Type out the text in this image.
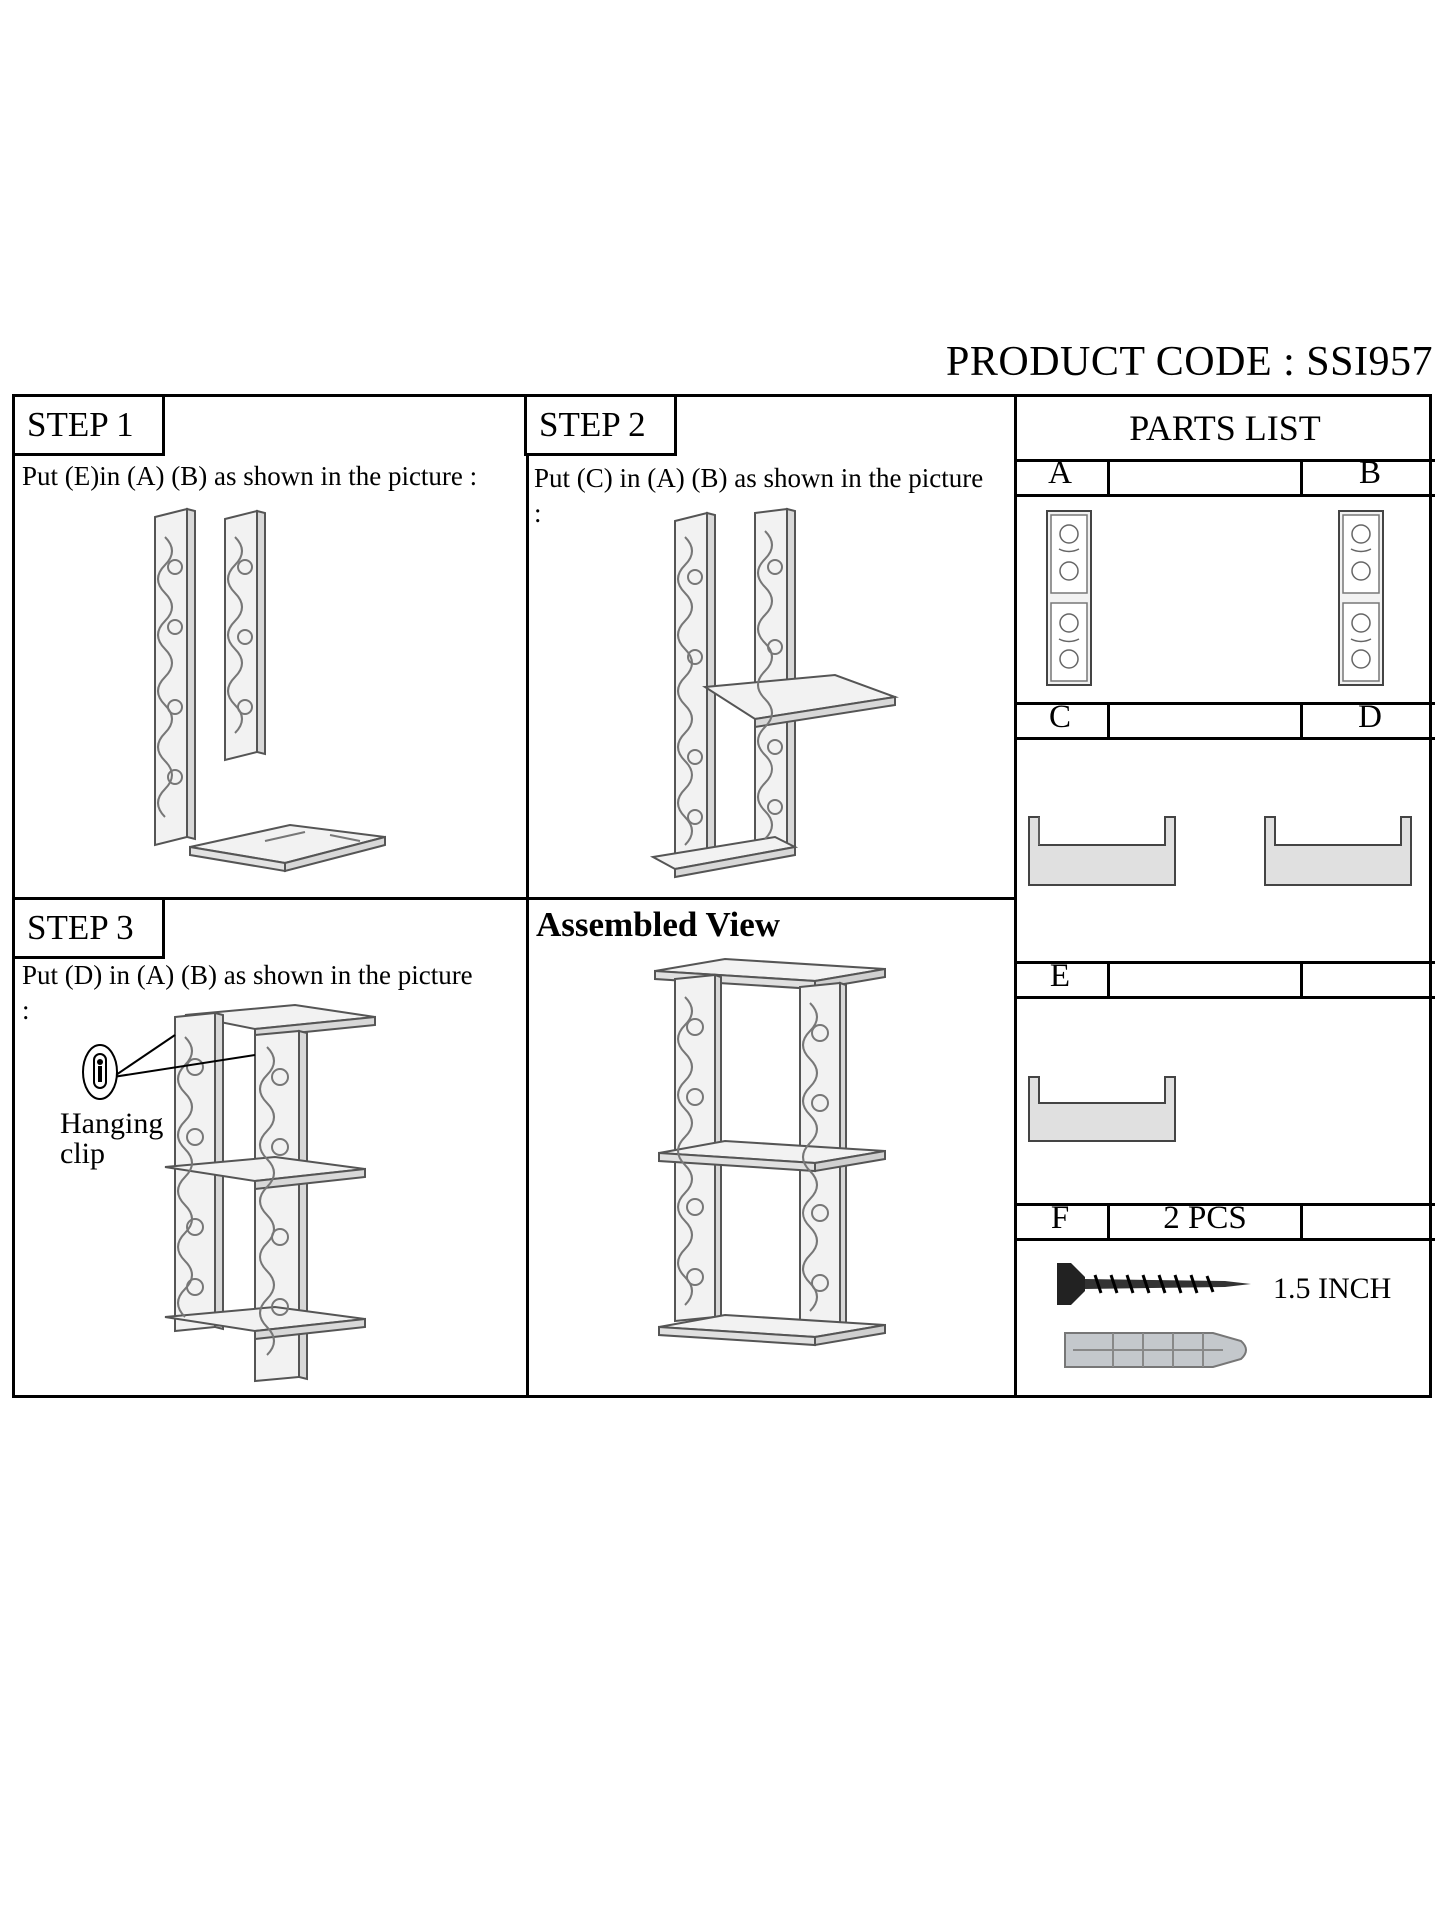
PRODUCT CODE : SSI957
STEP 1	STEP 2
STEP 3
Put (E)in (A) (B) as shown in the picture : Put (C) in (A) (B) as shown in the picture :
Put (D) in (A) (B) as shown in the picture :
Assembled View
PARTS LIST
A	B
C	D
E
F	2 PCS
1.5 INCH
Hanging clip
